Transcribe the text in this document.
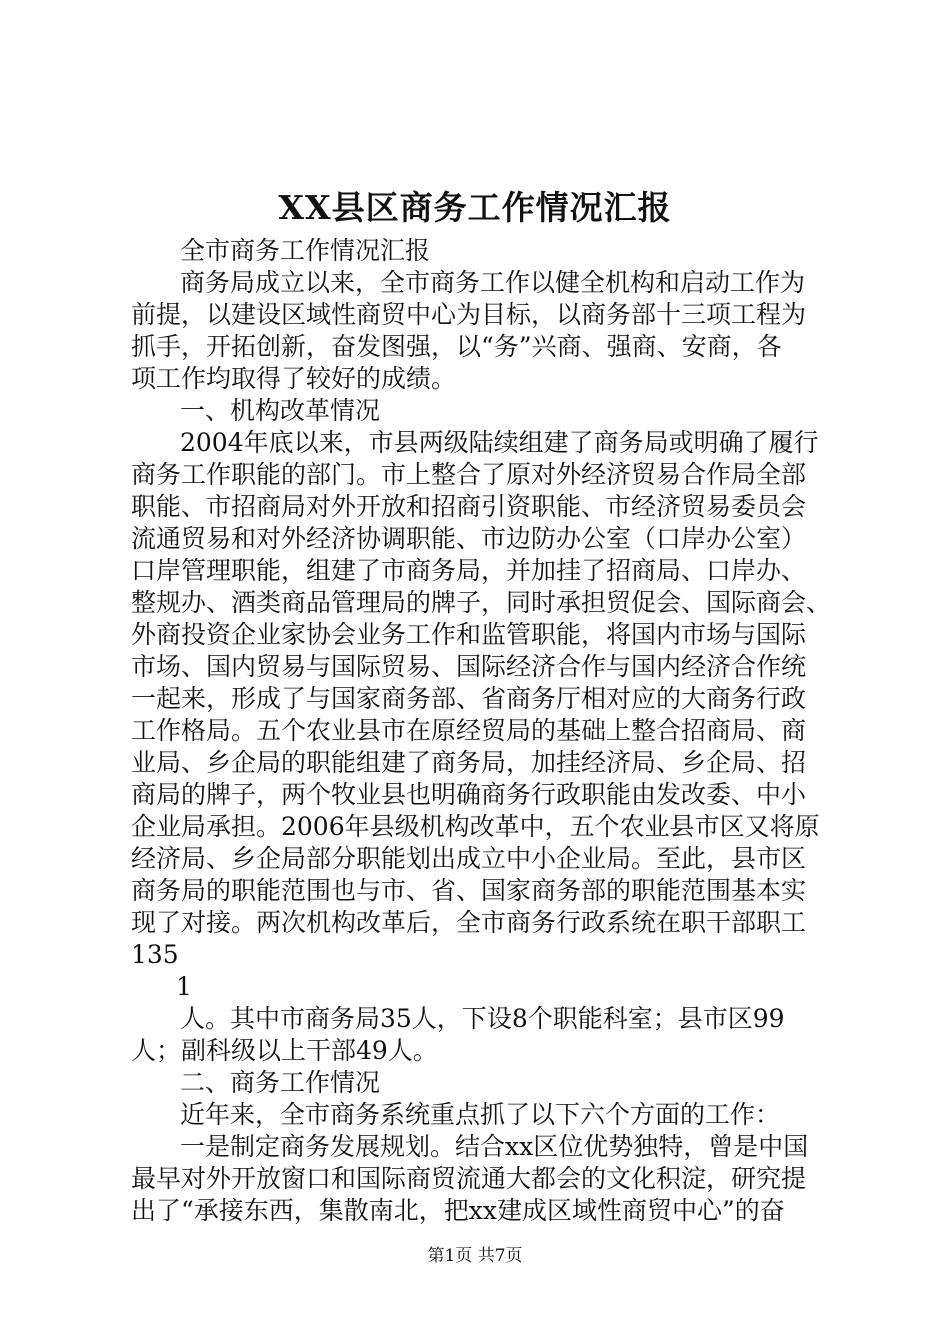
XX县区商务工作情况汇报
全市商务工作情况汇报
商务局成立以来，全市商务工作以健全机构和启动工作为
前提，以建设区域性商贸中心为目标，以商务部十三项工程为
抓手，开拓创新，奋发图强，以“务”兴商、强商、安商，各
项工作均取得了较好的成绩。
一、机构改革情况
2004年底以来，市县两级陆续组建了商务局或明确了履行
商务工作职能的部门。市上整合了原对外经济贸易合作局全部
职能、市招商局对外开放和招商引资职能、市经济贸易委员会
流通贸易和对外经济协调职能、市边防办公室（口岸办公室）
口岸管理职能，组建了市商务局，并加挂了招商局、口岸办、
整规办、酒类商品管理局的牌子，同时承担贸促会、国际商会、
外商投资企业家协会业务工作和监管职能，将国内市场与国际
市场、国内贸易与国际贸易、国际经济合作与国内经济合作统
一起来，形成了与国家商务部、省商务厅相对应的大商务行政
工作格局。五个农业县市在原经贸局的基础上整合招商局、商
业局、乡企局的职能组建了商务局，加挂经济局、乡企局、招
商局的牌子，两个牧业县也明确商务行政职能由发改委、中小
企业局承担。2006年县级机构改革中，五个农业县市区又将原
经济局、乡企局部分职能划出成立中小企业局。至此，县市区
商务局的职能范围也与市、省、国家商务部的职能范围基本实
现了对接。两次机构改革后，全市商务行政系统在职干部职工
135
1
人。其中市商务局35人，下设8个职能科室；县市区99
人；副科级以上干部49人。
二、商务工作情况
近年来，全市商务系统重点抓了以下六个方面的工作：
一是制定商务发展规划。结合xx区位优势独特，曾是中国
最早对外开放窗口和国际商贸流通大都会的文化积淀，研究提
出了“承接东西，集散南北，把xx建成区域性商贸中心”的奋
第1页 共7页
